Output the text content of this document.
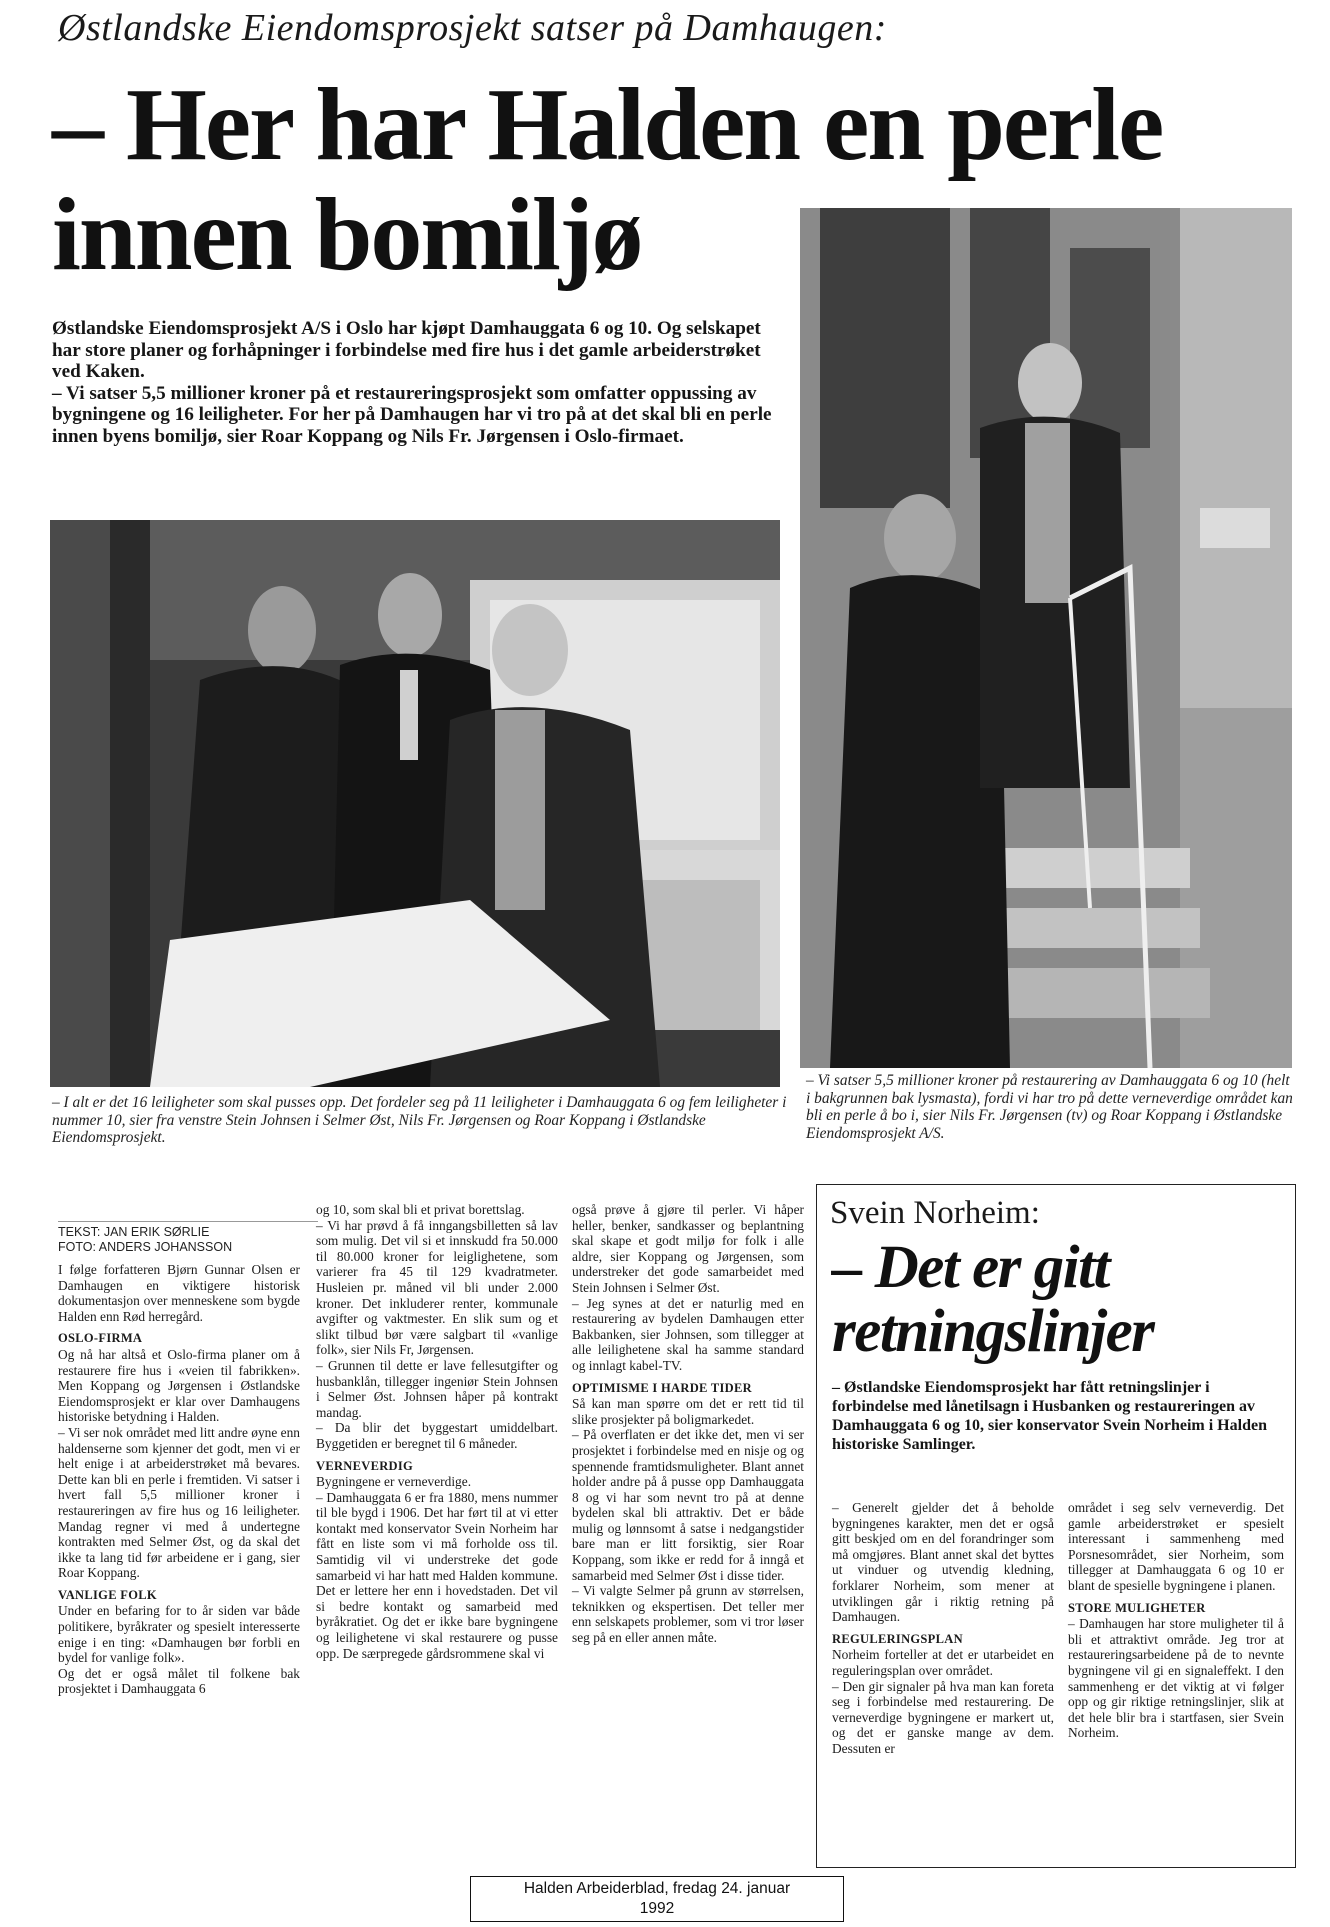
Østlandske Eiendomsprosjekt satser på Damhaugen:
– Her har Halden en perle innen bomiljø

Østlandske Eiendomsprosjekt A/S i Oslo har kjøpt Damhauggata 6 og 10. Og selskapet har store planer og forhåpninger i forbindelse med fire hus i det gamle arbeiderstrøket ved Kaken.

– Vi satser 5,5 millioner kroner på et restaureringsprosjekt som omfatter oppussing av bygningene og 16 leiligheter. For her på Damhaugen har vi tro på at det skal bli en perle innen byens bomiljø, sier Roar Koppang og Nils Fr. Jørgensen i Oslo-firmaet.

– I alt er det 16 leiligheter som skal pusses opp. Det fordeler seg på 11 leiligheter i Damhauggata 6 og fem leiligheter i nummer 10, sier fra venstre Stein Johnsen i Selmer Øst, Nils Fr. Jørgensen og Roar Koppang i Østlandske Eiendomsprosjekt.
– Vi satser 5,5 millioner kroner på restaurering av Damhauggata 6 og 10 (helt i bakgrunnen bak lysmasta), fordi vi har tro på dette verneverdige området kan bli en perle å bo i, sier Nils Fr. Jørgensen (tv) og Roar Koppang i Østlandske Eiendomsprosjekt A/S.
TEKST: JAN ERIK SØRLIE
FOTO: ANDERS JOHANSSON

I følge forfatteren Bjørn Gunnar Olsen er Damhaugen en viktigere historisk dokumentasjon over menneskene som bygde Halden enn Rød herregård.

OSLO-FIRMA

Og nå har altså et Oslo-firma planer om å restaurere fire hus i «veien til fabrikken». Men Koppang og Jørgensen i Østlandske Eiendomsprosjekt er klar over Damhaugens historiske betydning i Halden.

– Vi ser nok området med litt andre øyne enn haldenserne som kjenner det godt, men vi er helt enige i at arbeiderstrøket må bevares. Dette kan bli en perle i fremtiden. Vi satser i hvert fall 5,5 millioner kroner i restaureringen av fire hus og 16 leiligheter. Mandag regner vi med å undertegne kontrakten med Selmer Øst, og da skal det ikke ta lang tid før arbeidene er i gang, sier Roar Koppang.

VANLIGE FOLK

Under en befaring for to år siden var både politikere, byråkrater og spesielt interesserte enige i en ting: «Damhaugen bør forbli en bydel for vanlige folk».

Og det er også målet til folkene bak prosjektet i Damhauggata 6

og 10, som skal bli et privat borettslag.

– Vi har prøvd å få inngangsbilletten så lav som mulig. Det vil si et innskudd fra 50.000 til 80.000 kroner for leiglighetene, som varierer fra 45 til 129 kvadratmeter. Husleien pr. måned vil bli under 2.000 kroner. Det inkluderer renter, kommunale avgifter og vaktmester. En slik sum og et slikt tilbud bør være salgbart til «vanlige folk», sier Nils Fr, Jørgensen.

– Grunnen til dette er lave fellesutgifter og husbanklån, tillegger ingeniør Stein Johnsen i Selmer Øst. Johnsen håper på kontrakt mandag.

– Da blir det byggestart umiddelbart. Byggetiden er beregnet til 6 måneder.

VERNEVERDIG

Bygningene er verneverdige.

– Damhauggata 6 er fra 1880, mens nummer til ble bygd i 1906. Det har ført til at vi etter kontakt med konservator Svein Norheim har fått en liste som vi må forholde oss til. Samtidig vil vi understreke det gode samarbeid vi har hatt med Halden kommune. Det er lettere her enn i hovedstaden. Det vil si bedre kontakt og samarbeid med byråkratiet. Og det er ikke bare bygningene og leilighetene vi skal restaurere og pusse opp. De særpregede gårdsrommene skal vi

også prøve å gjøre til perler. Vi håper heller, benker, sandkasser og beplantning skal skape et godt miljø for folk i alle aldre, sier Koppang og Jørgensen, som understreker det gode samarbeidet med Stein Johnsen i Selmer Øst.

– Jeg synes at det er naturlig med en restaurering av bydelen Damhaugen etter Bakbanken, sier Johnsen, som tillegger at alle leilighetene skal ha samme standard og innlagt kabel-TV.

OPTIMISME I HARDE TIDER

Så kan man spørre om det er rett tid til slike prosjekter på boligmarkedet.

– På overflaten er det ikke det, men vi ser prosjektet i forbindelse med en nisje og og spennende framtidsmuligheter. Blant annet holder andre på å pusse opp Damhauggata 8 og vi har som nevnt tro på at denne bydelen skal bli attraktiv. Det er både mulig og lønnsomt å satse i nedgangstider bare man er litt forsiktig, sier Roar Koppang, som ikke er redd for å inngå et samarbeid med Selmer Øst i disse tider.

– Vi valgte Selmer på grunn av størrelsen, teknikken og ekspertisen. Det teller mer enn selskapets problemer, som vi tror løser seg på en eller annen måte.

Svein Norheim:
– Det er gitt retningslinjer

– Østlandske Eiendomsprosjekt har fått retningslinjer i forbindelse med lånetilsagn i Husbanken og restaureringen av Damhauggata 6 og 10, sier konservator Svein Norheim i Halden historiske Samlinger.

– Generelt gjelder det å beholde bygningenes karakter, men det er også gitt beskjed om en del forandringer som må omgjøres. Blant annet skal det byttes ut vinduer og utvendig kledning, forklarer Norheim, som mener at utviklingen går i riktig retning på Damhaugen.

REGULERINGSPLAN

Norheim forteller at det er utarbeidet en reguleringsplan over området.

– Den gir signaler på hva man kan foreta seg i forbindelse med restaurering. De verneverdige bygningene er markert ut, og det er ganske mange av dem. Dessuten er

området i seg selv verneverdig. Det gamle arbeiderstrøket er spesielt interessant i sammenheng med Porsnesområdet, sier Norheim, som tillegger at Damhauggata 6 og 10 er blant de spesielle bygningene i planen.

STORE MULIGHETER

– Damhaugen har store muligheter til å bli et attraktivt område. Jeg tror at restaureringsarbeidene på de to nevnte bygningene vil gi en signaleffekt. I den sammenheng er det viktig at vi følger opp og gir riktige retningslinjer, slik at det hele blir bra i startfasen, sier Svein Norheim.

Halden Arbeiderblad, fredag 24. januar
1992
